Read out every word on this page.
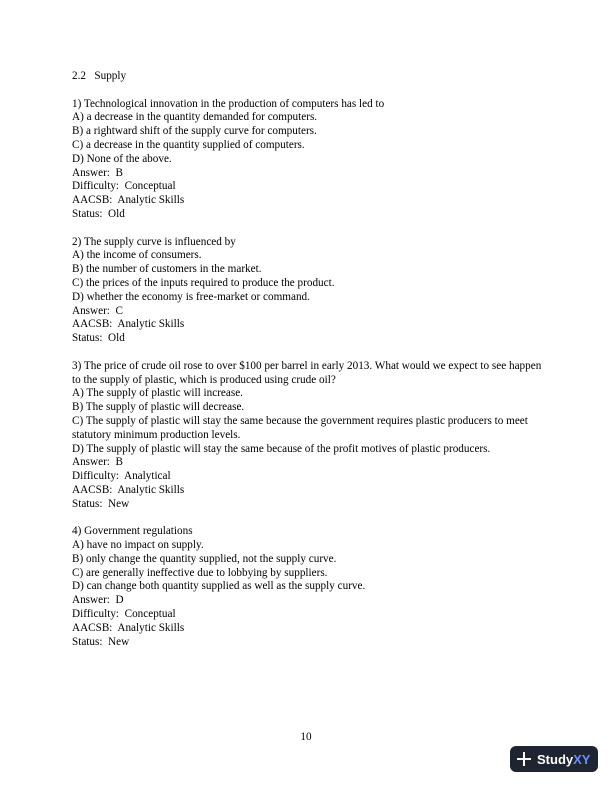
2.2 Supply
1) Technological innovation in the production of computers has led to
A) a decrease in the quantity demanded for computers.
B) a rightward shift of the supply curve for computers.
C) a decrease in the quantity supplied of computers.
D) None of the above.
Answer:  B
Difficulty:  Conceptual
AACSB:  Analytic Skills
Status:  Old
2) The supply curve is influenced by
A) the income of consumers.
B) the number of customers in the market.
C) the prices of the inputs required to produce the product.
D) whether the economy is free-market or command.
Answer:  C
AACSB:  Analytic Skills
Status:  Old
3) The price of crude oil rose to over $100 per barrel in early 2013. What would we expect to see happen to the supply of plastic, which is produced using crude oil?
A) The supply of plastic will increase.
B) The supply of plastic will decrease.
C) The supply of plastic will stay the same because the government requires plastic producers to meet statutory minimum production levels.
D) The supply of plastic will stay the same because of the profit motives of plastic producers.
Answer:  B
Difficulty:  Analytical
AACSB:  Analytic Skills
Status:  New
4) Government regulations
A) have no impact on supply.
B) only change the quantity supplied, not the supply curve.
C) are generally ineffective due to lobbying by suppliers.
D) can change both quantity supplied as well as the supply curve.
Answer:  D
Difficulty:  Conceptual
AACSB:  Analytic Skills
Status:  New
10
Study XY
